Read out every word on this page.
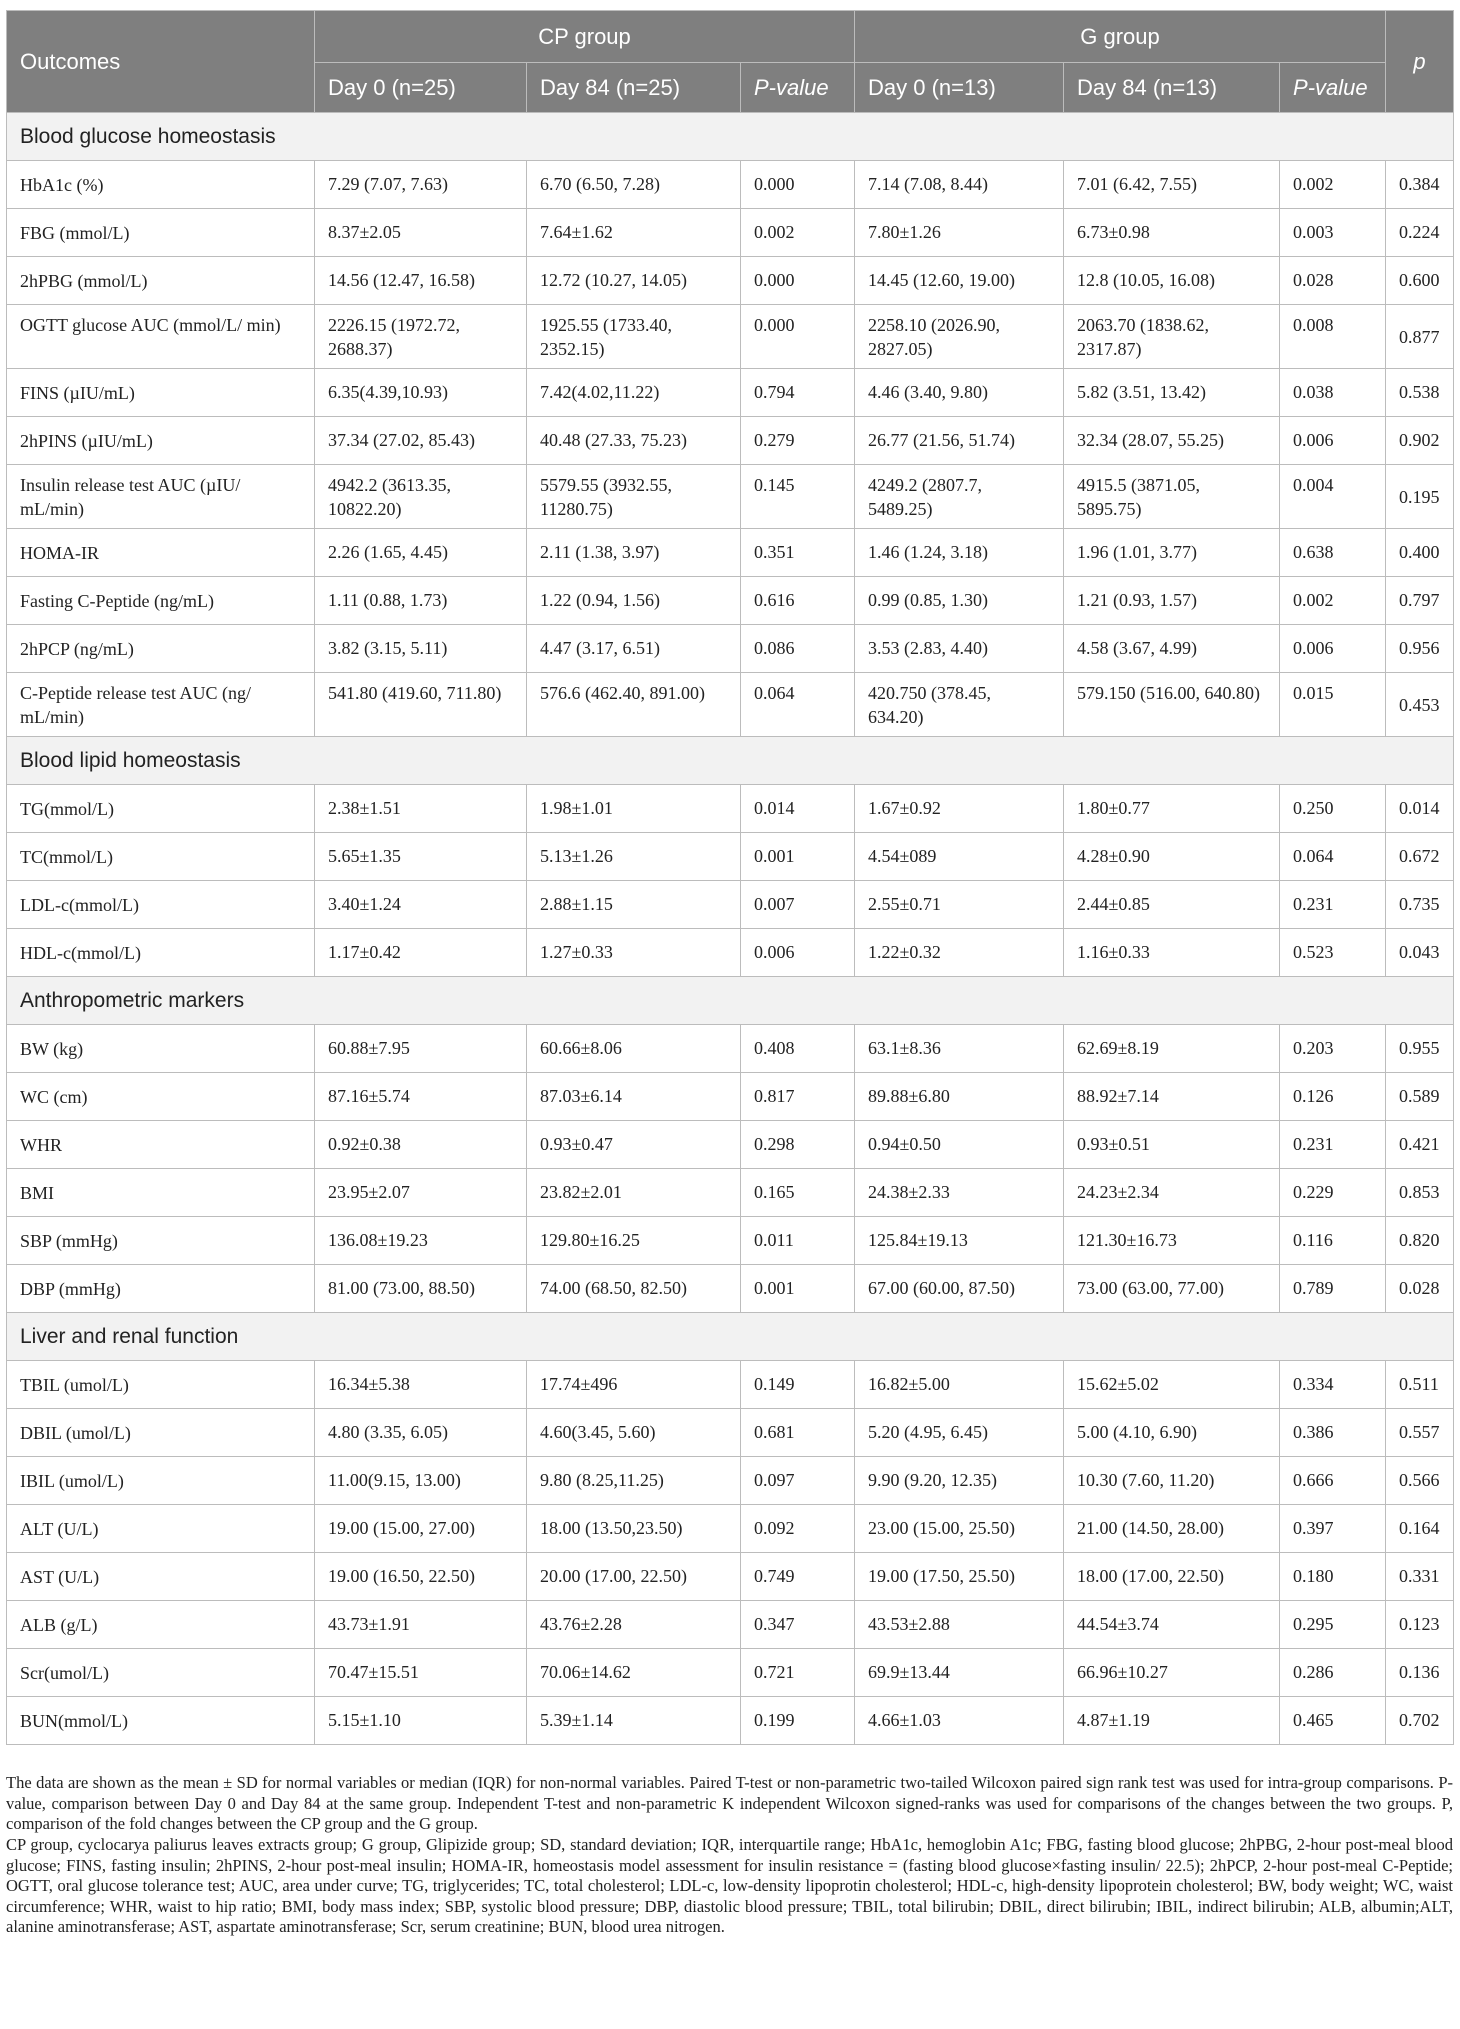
Outcomes	CP group			G group			p
	Day 0 (n=25)	Day 84 (n=25)	P-value	Day 0 (n=13)	Day 84 (n=13)	P-value	
Blood glucose homeostasis							
HbA1c (%)	7.29 (7.07, 7.63)	6.70 (6.50, 7.28)	0.000	7.14 (7.08, 8.44)	7.01 (6.42, 7.55)	0.002	0.384
FBG (mmol/L)	8.37±2.05	7.64±1.62	0.002	7.80±1.26	6.73±0.98	0.003	0.224
2hPBG (mmol/L)	14.56 (12.47, 16.58)	12.72 (10.27, 14.05)	0.000	14.45 (12.60, 19.00)	12.8 (10.05, 16.08)	0.028	0.600
OGTT glucose AUC (mmol/L/ min)	2226.15 (1972.72, 2688.37)	1925.55 (1733.40, 2352.15)	0.000	2258.10 (2026.90, 2827.05)	2063.70 (1838.62, 2317.87)	0.008	0.877
FINS (µIU/mL)	6.35(4.39,10.93)	7.42(4.02,11.22)	0.794	4.46 (3.40, 9.80)	5.82 (3.51, 13.42)	0.038	0.538
2hPINS (µIU/mL)	37.34 (27.02, 85.43)	40.48 (27.33, 75.23)	0.279	26.77 (21.56, 51.74)	32.34 (28.07, 55.25)	0.006	0.902
Insulin release test AUC (µIU/ mL/min)	4942.2 (3613.35, 10822.20)	5579.55 (3932.55, 11280.75)	0.145	4249.2 (2807.7, 5489.25)	4915.5 (3871.05, 5895.75)	0.004	0.195
HOMA-IR	2.26 (1.65, 4.45)	2.11 (1.38, 3.97)	0.351	1.46 (1.24, 3.18)	1.96 (1.01, 3.77)	0.638	0.400
Fasting C-Peptide (ng/mL)	1.11 (0.88, 1.73)	1.22 (0.94, 1.56)	0.616	0.99 (0.85, 1.30)	1.21 (0.93, 1.57)	0.002	0.797
2hPCP (ng/mL)	3.82 (3.15, 5.11)	4.47 (3.17, 6.51)	0.086	3.53 (2.83, 4.40)	4.58 (3.67, 4.99)	0.006	0.956
C-Peptide release test AUC (ng/ mL/min)	541.80 (419.60, 711.80)	576.6 (462.40, 891.00)	0.064	420.750 (378.45, 634.20)	579.150 (516.00, 640.80)	0.015	0.453
Blood lipid homeostasis							
TG(mmol/L)	2.38±1.51	1.98±1.01	0.014	1.67±0.92	1.80±0.77	0.250	0.014
TC(mmol/L)	5.65±1.35	5.13±1.26	0.001	4.54±089	4.28±0.90	0.064	0.672
LDL-c(mmol/L)	3.40±1.24	2.88±1.15	0.007	2.55±0.71	2.44±0.85	0.231	0.735
HDL-c(mmol/L)	1.17±0.42	1.27±0.33	0.006	1.22±0.32	1.16±0.33	0.523	0.043
Anthropometric markers							
BW (kg)	60.88±7.95	60.66±8.06	0.408	63.1±8.36	62.69±8.19	0.203	0.955
WC (cm)	87.16±5.74	87.03±6.14	0.817	89.88±6.80	88.92±7.14	0.126	0.589
WHR	0.92±0.38	0.93±0.47	0.298	0.94±0.50	0.93±0.51	0.231	0.421
BMI	23.95±2.07	23.82±2.01	0.165	24.38±2.33	24.23±2.34	0.229	0.853
SBP (mmHg)	136.08±19.23	129.80±16.25	0.011	125.84±19.13	121.30±16.73	0.116	0.820
DBP (mmHg)	81.00 (73.00, 88.50)	74.00 (68.50, 82.50)	0.001	67.00 (60.00, 87.50)	73.00 (63.00, 77.00)	0.789	0.028
Liver and renal function							
TBIL (umol/L)	16.34±5.38	17.74±496	0.149	16.82±5.00	15.62±5.02	0.334	0.511
DBIL (umol/L)	4.80 (3.35, 6.05)	4.60(3.45, 5.60)	0.681	5.20 (4.95, 6.45)	5.00 (4.10, 6.90)	0.386	0.557
IBIL (umol/L)	11.00(9.15, 13.00)	9.80 (8.25,11.25)	0.097	9.90 (9.20, 12.35)	10.30 (7.60, 11.20)	0.666	0.566
ALT (U/L)	19.00 (15.00, 27.00)	18.00 (13.50,23.50)	0.092	23.00 (15.00, 25.50)	21.00 (14.50, 28.00)	0.397	0.164
AST (U/L)	19.00 (16.50, 22.50)	20.00 (17.00, 22.50)	0.749	19.00 (17.50, 25.50)	18.00 (17.00, 22.50)	0.180	0.331
ALB (g/L)	43.73±1.91	43.76±2.28	0.347	43.53±2.88	44.54±3.74	0.295	0.123
Scr(umol/L)	70.47±15.51	70.06±14.62	0.721	69.9±13.44	66.96±10.27	0.286	0.136
BUN(mmol/L)	5.15±1.10	5.39±1.14	0.199	4.66±1.03	4.87±1.19	0.465	0.702

The data are shown as the mean ± SD for normal variables or median (IQR) for non-normal variables. Paired T-test or non-parametric two-tailed Wilcoxon paired sign rank test was used for intra-group comparisons. P-value, comparison between Day 0 and Day 84 at the same group. Independent T-test and non-parametric K independent Wilcoxon signed-ranks was used for comparisons of the changes between the two groups. P, comparison of the fold changes between the CP group and the G group.

CP group, cyclocarya paliurus leaves extracts group; G group, Glipizide group; SD, standard deviation; IQR, interquartile range; HbA1c, hemoglobin A1c; FBG, fasting blood glucose; 2hPBG, 2-hour post-meal blood glucose; FINS, fasting insulin; 2hPINS, 2-hour post-meal insulin; HOMA-IR, homeostasis model assessment for insulin resistance = (fasting blood glucose×fasting insulin/ 22.5); 2hPCP, 2-hour post-meal C-Peptide; OGTT, oral glucose tolerance test; AUC, area under curve; TG, triglycerides; TC, total cholesterol; LDL-c, low-density lipoprotin cholesterol; HDL-c, high-density lipoprotein cholesterol; BW, body weight; WC, waist circumference; WHR, waist to hip ratio; BMI, body mass index; SBP, systolic blood pressure; DBP, diastolic blood pressure; TBIL, total bilirubin; DBIL, direct bilirubin; IBIL, indirect bilirubin; ALB, albumin;ALT, alanine aminotransferase; AST, aspartate aminotransferase; Scr, serum creatinine; BUN, blood urea nitrogen.
